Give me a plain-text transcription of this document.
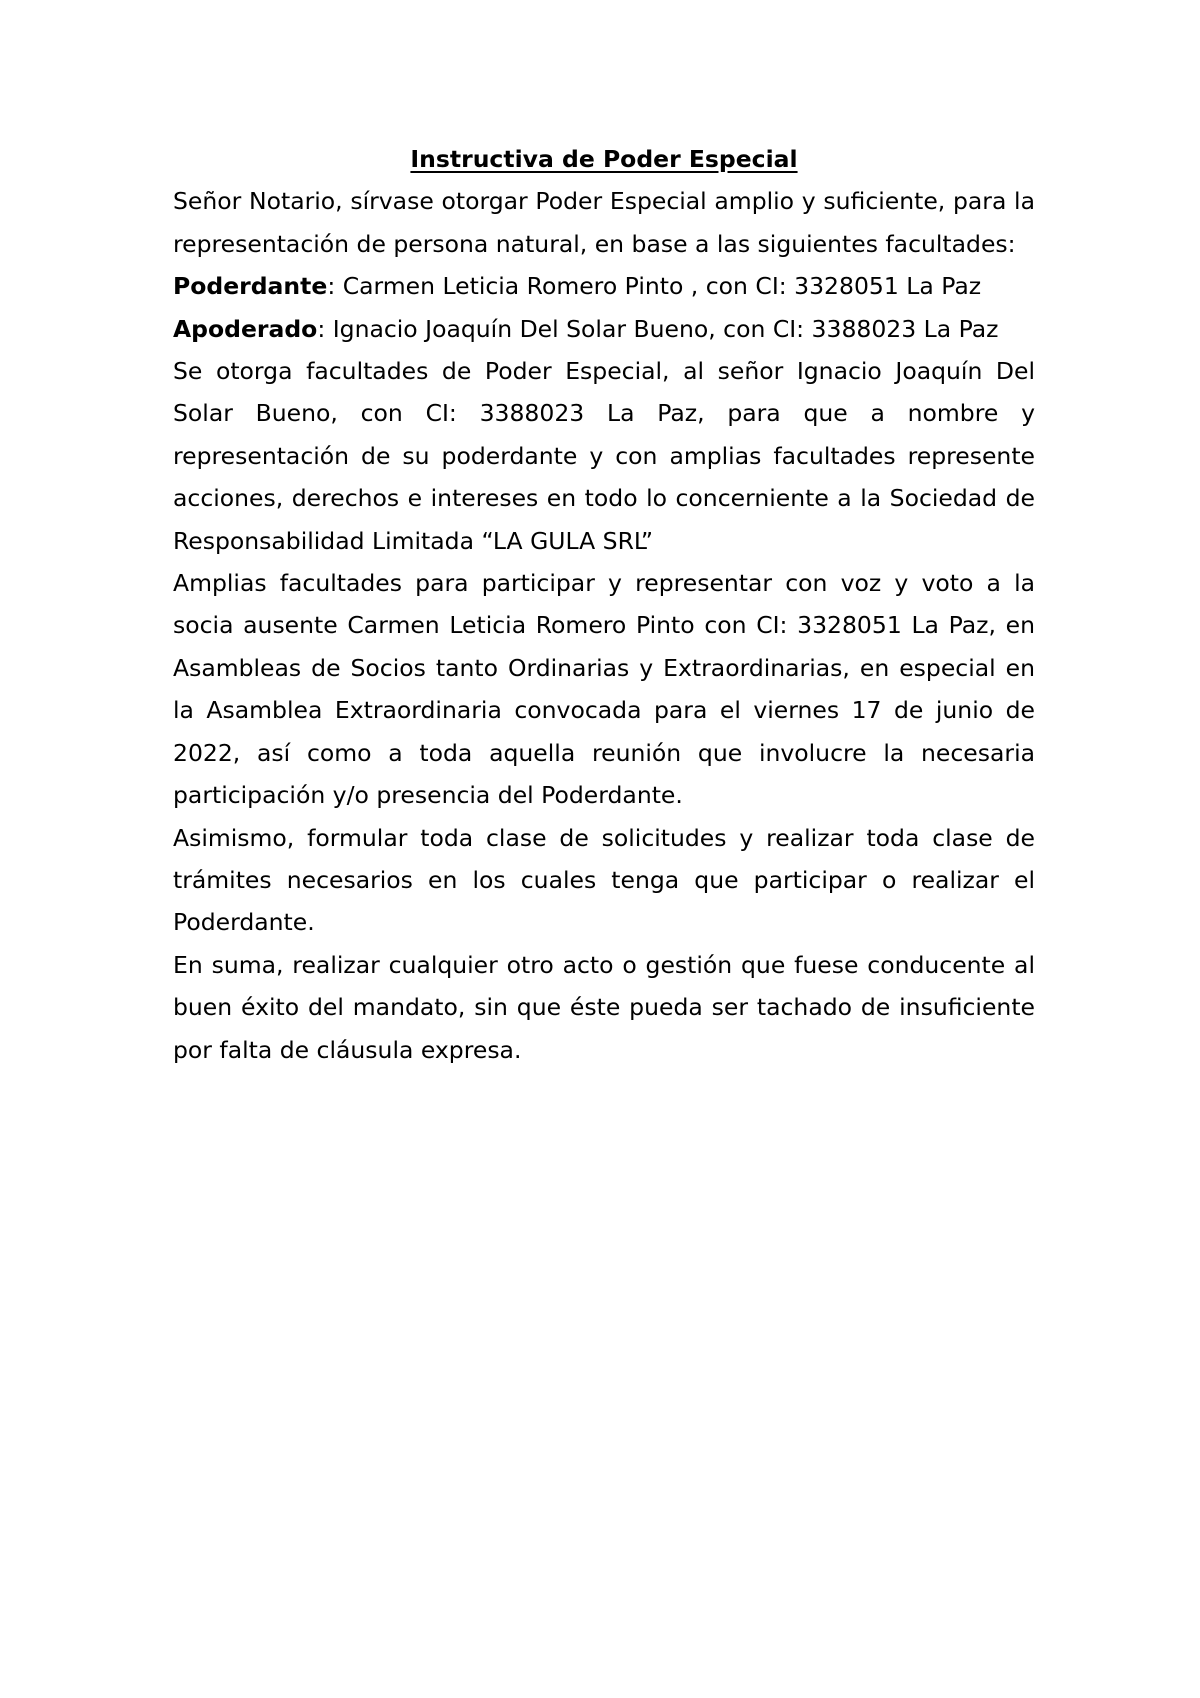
Instructiva de Poder Especial

Señor Notario, sírvase otorgar Poder Especial amplio y suficiente, para la representación de persona natural, en base a las siguientes facultades:

Poderdante: Carmen Leticia Romero Pinto , con CI: 3328051 La Paz

Apoderado: Ignacio Joaquín Del Solar Bueno, con CI: 3388023 La Paz

Se otorga facultades de Poder Especial, al señor Ignacio Joaquín Del Solar Bueno, con CI: 3388023 La Paz, para que a nombre y representación de su poderdante y con amplias facultades represente acciones, derechos e intereses en todo lo concerniente a la Sociedad de Responsabilidad Limitada “LA GULA SRL”

Amplias facultades para participar y representar con voz y voto a la socia ausente Carmen Leticia Romero Pinto con CI: 3328051 La Paz, en Asambleas de Socios tanto Ordinarias y Extraordinarias, en especial en la Asamblea Extraordinaria convocada para el viernes 17 de junio de 2022, así como a toda aquella reunión que involucre la necesaria participación y/o presencia del Poderdante.

Asimismo, formular toda clase de solicitudes y realizar toda clase de trámites necesarios en los cuales tenga que participar o realizar el Poderdante.

En suma, realizar cualquier otro acto o gestión que fuese conducente al buen éxito del mandato, sin que éste pueda ser tachado de insuficiente por falta de cláusula expresa.
